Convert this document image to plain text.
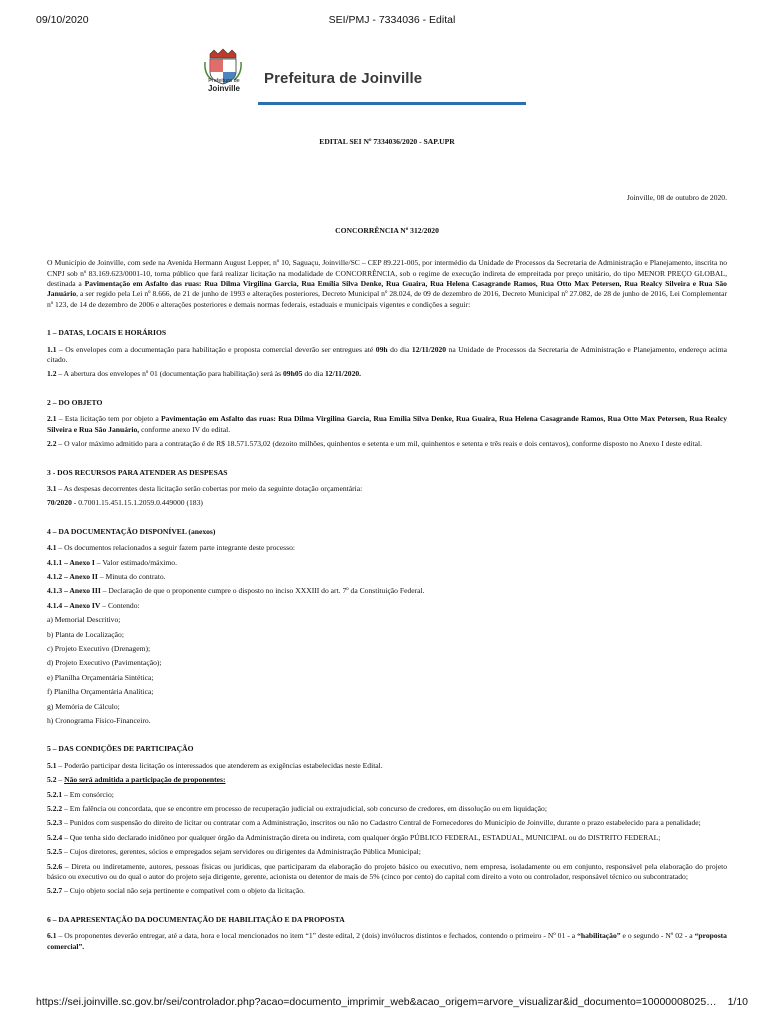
09/10/2020	SEI/PMJ - 7334036 - Edital
Prefeitura de
Joinville
Prefeitura de Joinville
EDITAL SEI Nº 7334036/2020 - SAP.UPR
Joinville, 08 de outubro de 2020.
CONCORRÊNCIA Nº 312/2020

O Município de Joinville, com sede na Avenida Hermann August Lepper, nº 10, Saguaçu, Joinville/SC – CEP 89.221-005, por intermédio da Unidade de Processos da Secretaria de Administração e Planejamento, inscrita no CNPJ sob nº 83.169.623/0001-10, torna público que fará realizar licitação na modalidade de CONCORRÊNCIA, sob o regime de execução indireta de empreitada por preço unitário, do tipo MENOR PREÇO GLOBAL, destinada a Pavimentação em Asfalto das ruas: Rua Dilma Virgilina Garcia, Rua Emília Silva Denke, Rua Guaira, Rua Helena Casagrande Ramos, Rua Otto Max Petersen, Rua Realcy Silveira e Rua São Januário, a ser regido pela Lei nº 8.666, de 21 de junho de 1993 e alterações posteriores, Decreto Municipal nº 28.024, de 09 de dezembro de 2016, Decreto Municipal nº 27.082, de 28 de junho de 2016, Lei Complementar nº 123, de 14 de dezembro de 2006 e alterações posteriores e demais normas federais, estaduais e municipais vigentes e condições a seguir:

1 – DATAS, LOCAIS E HORÁRIOS

1.1 – Os envelopes com a documentação para habilitação e proposta comercial deverão ser entregues até 09h do dia 12/11/2020 na Unidade de Processos da Secretaria de Administração e Planejamento, endereço acima citado.

1.2 – A abertura dos envelopes nº 01 (documentação para habilitação) será às 09h05 do dia 12/11/2020.

2 – DO OBJETO

2.1 – Esta licitação tem por objeto a Pavimentação em Asfalto das ruas: Rua Dilma Virgilina Garcia, Rua Emília Silva Denke, Rua Guaira, Rua Helena Casagrande Ramos, Rua Otto Max Petersen, Rua Realcy Silveira e Rua São Januário, conforme anexo IV do edital.

2.2 – O valor máximo admitido para a contratação é de R$ 18.571.573,02 (dezoito milhões, quinhentos e setenta e um mil, quinhentos e setenta e três reais e dois centavos), conforme disposto no Anexo I deste edital.

3 - DOS RECURSOS PARA ATENDER AS DESPESAS

3.1 – As despesas decorrentes desta licitação serão cobertas por meio da seguinte dotação orçamentária:

70/2020 - 0.7001.15.451.15.1.2059.0.449000 (183)

4 – DA DOCUMENTAÇÃO DISPONÍVEL (anexos)

4.1 – Os documentos relacionados a seguir fazem parte integrante deste processo:

4.1.1 – Anexo I – Valor estimado/máximo.

4.1.2 – Anexo II – Minuta do contrato.

4.1.3 – Anexo III – Declaração de que o proponente cumpre o disposto no inciso XXXIII do art. 7º da Constituição Federal.

4.1.4 – Anexo IV – Contendo:

a) Memorial Descritivo;

b) Planta de Localização;

c) Projeto Executivo (Drenagem);

d) Projeto Executivo (Pavimentação);

e) Planilha Orçamentária Sintética;

f) Planilha Orçamentária Analítica;

g) Memória de Cálculo;

h) Cronograma Físico-Financeiro.

5 – DAS CONDIÇÕES DE PARTICIPAÇÃO

5.1 – Poderão participar desta licitação os interessados que atenderem as exigências estabelecidas neste Edital.

5.2 – Não será admitida a participação de proponentes:

5.2.1 – Em consórcio;

5.2.2 – Em falência ou concordata, que se encontre em processo de recuperação judicial ou extrajudicial, sob concurso de credores, em dissolução ou em liquidação;

5.2.3 – Punidos com suspensão do direito de licitar ou contratar com a Administração, inscritos ou não no Cadastro Central de Fornecedores do Município de Joinville, durante o prazo estabelecido para a penalidade;

5.2.4 – Que tenha sido declarado inidôneo por qualquer órgão da Administração direta ou indireta, com qualquer órgão PÚBLICO FEDERAL, ESTADUAL, MUNICIPAL ou do DISTRITO FEDERAL;

5.2.5 – Cujos diretores, gerentes, sócios e empregados sejam servidores ou dirigentes da Administração Pública Municipal;

5.2.6 – Direta ou indiretamente, autores, pessoas físicas ou jurídicas, que participaram da elaboração do projeto básico ou executivo, nem empresa, isoladamente ou em conjunto, responsável pela elaboração do projeto básico ou executivo ou do qual o autor do projeto seja dirigente, gerente, acionista ou detentor de mais de 5% (cinco por cento) do capital com direito a voto ou controlador, responsável técnico ou subcontratado;

5.2.7 – Cujo objeto social não seja pertinente e compatível com o objeto da licitação.

6 – DA APRESENTAÇÃO DA DOCUMENTAÇÃO DE HABILITAÇÃO E DA PROPOSTA

6.1 – Os proponentes deverão entregar, até a data, hora e local mencionados no item “1” deste edital, 2 (dois) invólucros distintos e fechados, contendo o primeiro - Nº 01 - a “habilitação” e o segundo - Nº 02 - a “proposta comercial”.

https://sei.joinville.sc.gov.br/sei/controlador.php?acao=documento_imprimir_web&acao_origem=arvore_visualizar&id_documento=10000008025… 1/10
